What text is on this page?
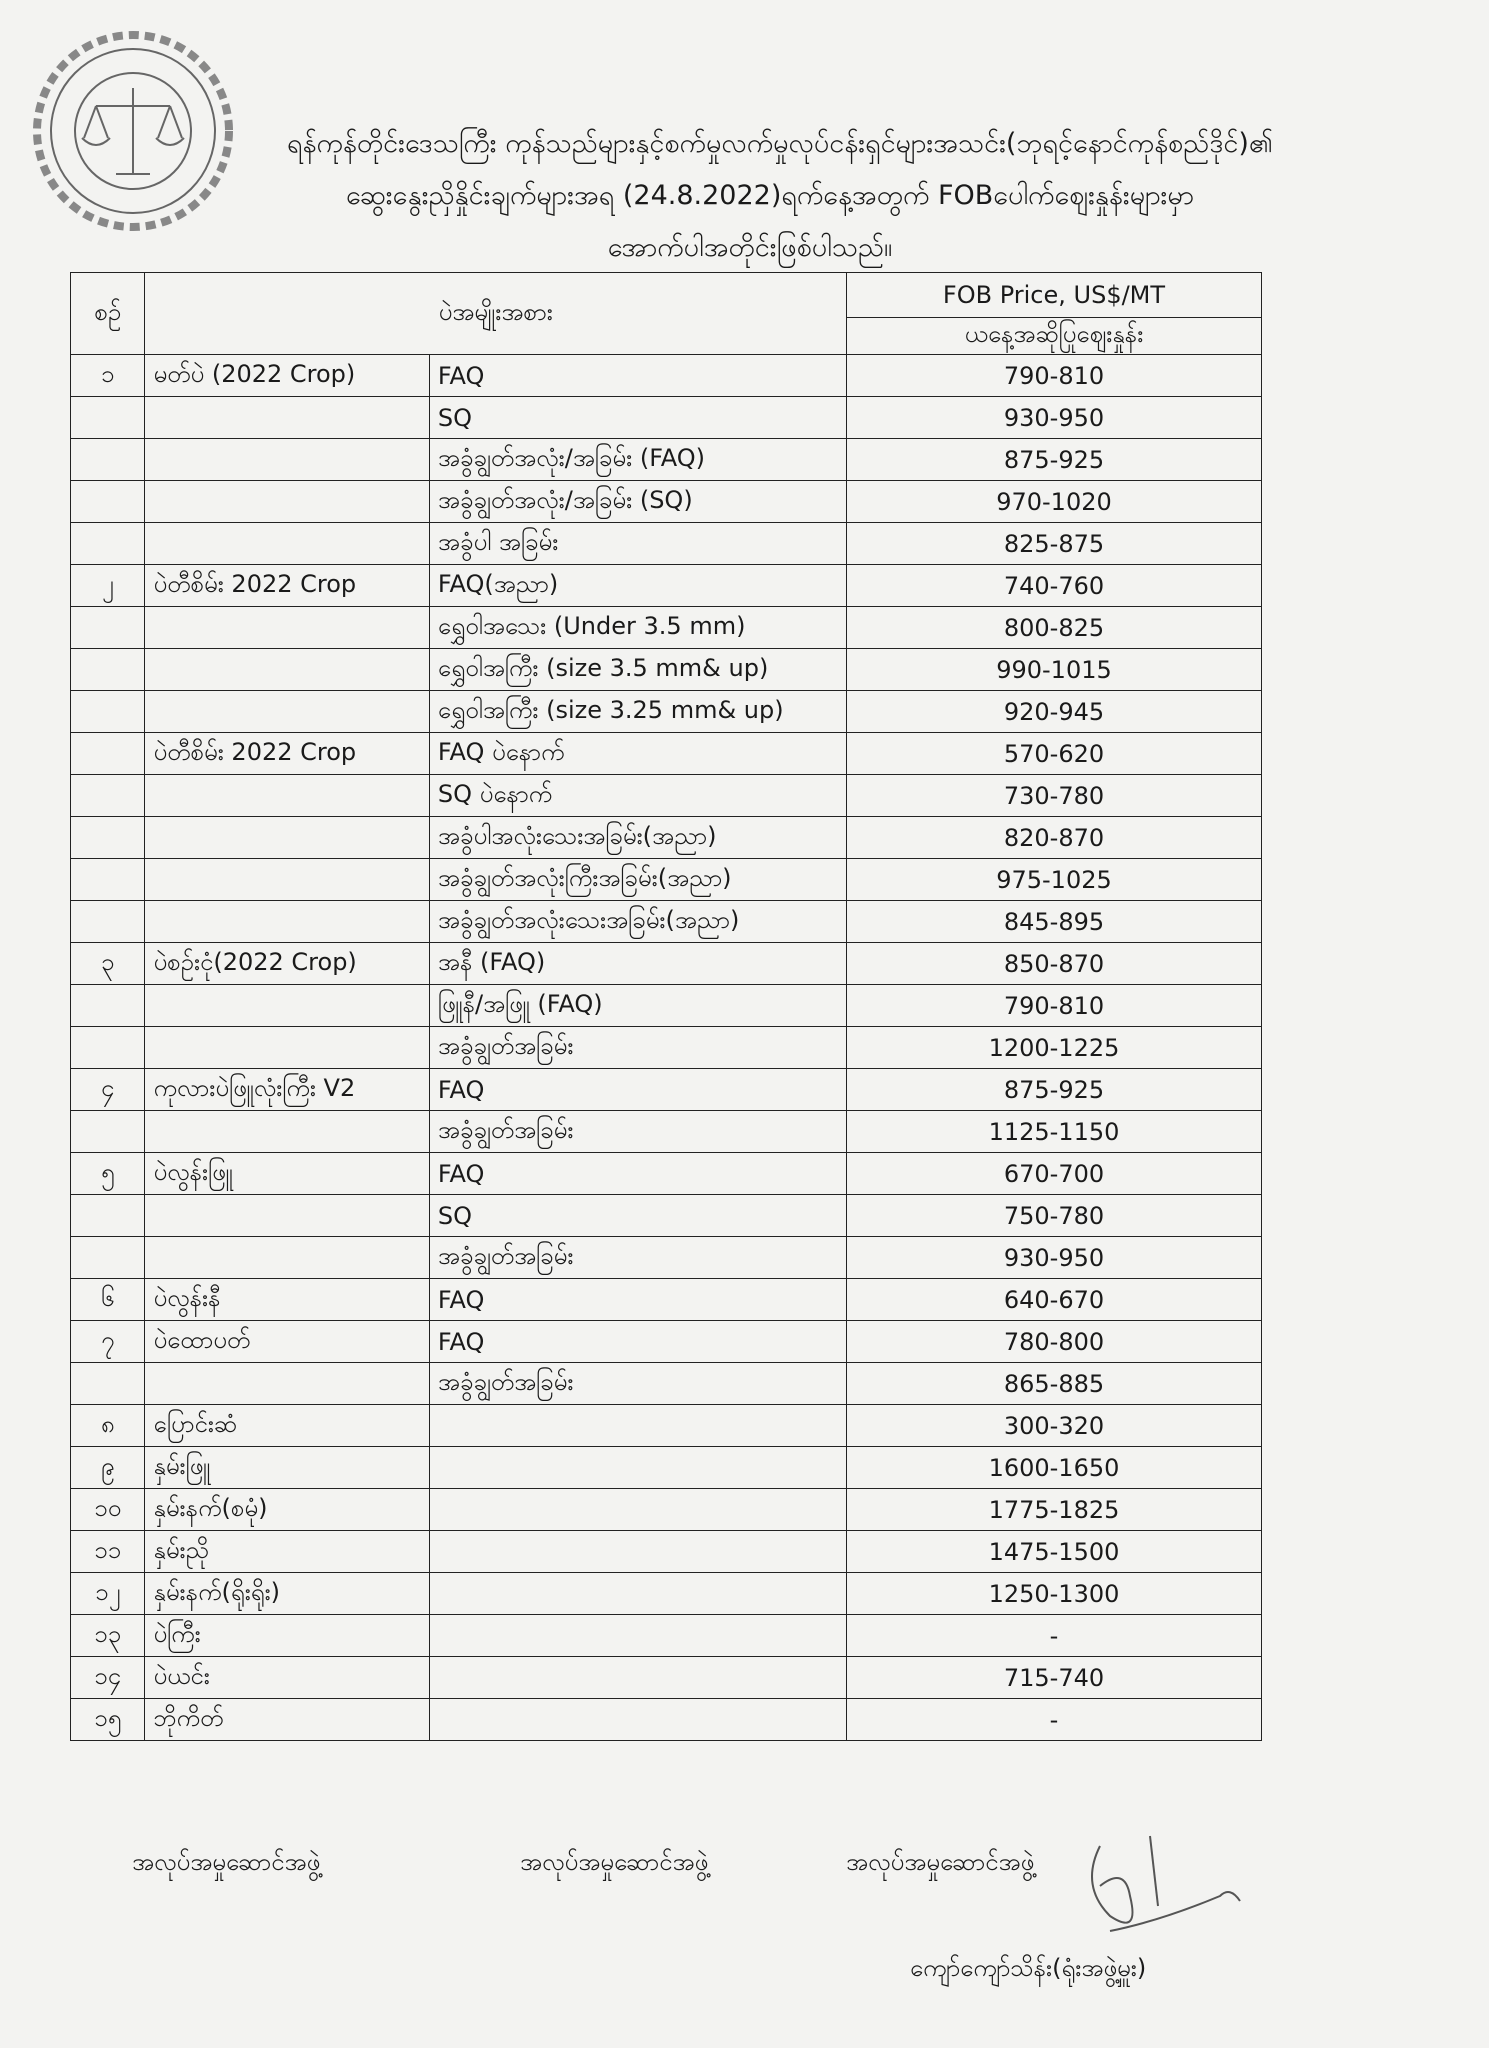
ရန်ကုန်တိုင်းဒေသကြီး ကုန်သည်များနှင့်စက်မှုလက်မှုလုပ်ငန်းရှင်များအသင်း(ဘုရင့်နောင်ကုန်စည်ဒိုင်)၏
ဆွေးနွေးညှိနှိုင်းချက်များအရ (24.8.2022)ရက်နေ့အတွက် FOBပေါက်ဈေးနှုန်းများမှာ
အောက်ပါအတိုင်းဖြစ်ပါသည်။
စဉ်	ပဲအမျိုးအစား		FOB Price, US$/MT
			ယနေ့အဆိုပြုဈေးနှုန်း
၁	မတ်ပဲ (2022 Crop)	FAQ	790-810
		SQ	930-950
		အခွံချွတ်အလုံး/အခြမ်း (FAQ)	875-925
		အခွံချွတ်အလုံး/အခြမ်း (SQ)	970-1020
		အခွံပါ အခြမ်း	825-875
၂	ပဲတီစိမ်း 2022 Crop	FAQ(အညာ)	740-760
		ရွှေဝါအသေး (Under 3.5 mm)	800-825
		ရွှေဝါအကြီး (size 3.5 mm& up)	990-1015
		ရွှေဝါအကြီး (size 3.25 mm& up)	920-945
	ပဲတီစိမ်း 2022 Crop	FAQ ပဲနောက်	570-620
		SQ ပဲနောက်	730-780
		အခွံပါအလုံးသေးအခြမ်း(အညာ)	820-870
		အခွံချွတ်အလုံးကြီးအခြမ်း(အညာ)	975-1025
		အခွံချွတ်အလုံးသေးအခြမ်း(အညာ)	845-895
၃	ပဲစဉ်းငုံ(2022 Crop)	အနီ (FAQ)	850-870
		ဖြူနီ/အဖြူ (FAQ)	790-810
		အခွံချွတ်အခြမ်း	1200-1225
၄	ကုလားပဲဖြူလုံးကြီး V2	FAQ	875-925
		အခွံချွတ်အခြမ်း	1125-1150
၅	ပဲလွန်းဖြူ	FAQ	670-700
		SQ	750-780
		အခွံချွတ်အခြမ်း	930-950
၆	ပဲလွန်းနီ	FAQ	640-670
၇	ပဲထောပတ်	FAQ	780-800
		အခွံချွတ်အခြမ်း	865-885
၈	ပြောင်းဆံ		300-320
၉	နှမ်းဖြူ		1600-1650
၁၀	နှမ်းနက်(စမုံ)		1775-1825
၁၁	နှမ်းညို		1475-1500
၁၂	နှမ်းနက်(ရိုးရိုး)		1250-1300
၁၃	ပဲကြီး		-
၁၄	ပဲယင်း		715-740
၁၅	ဘိုကိတ်		-
အလုပ်အမှုဆောင်အဖွဲ့	အလုပ်အမှုဆောင်အဖွဲ့	အလုပ်အမှုဆောင်အဖွဲ့
ကျော်ကျော်သိန်း(ရုံးအဖွဲ့မှူး)
